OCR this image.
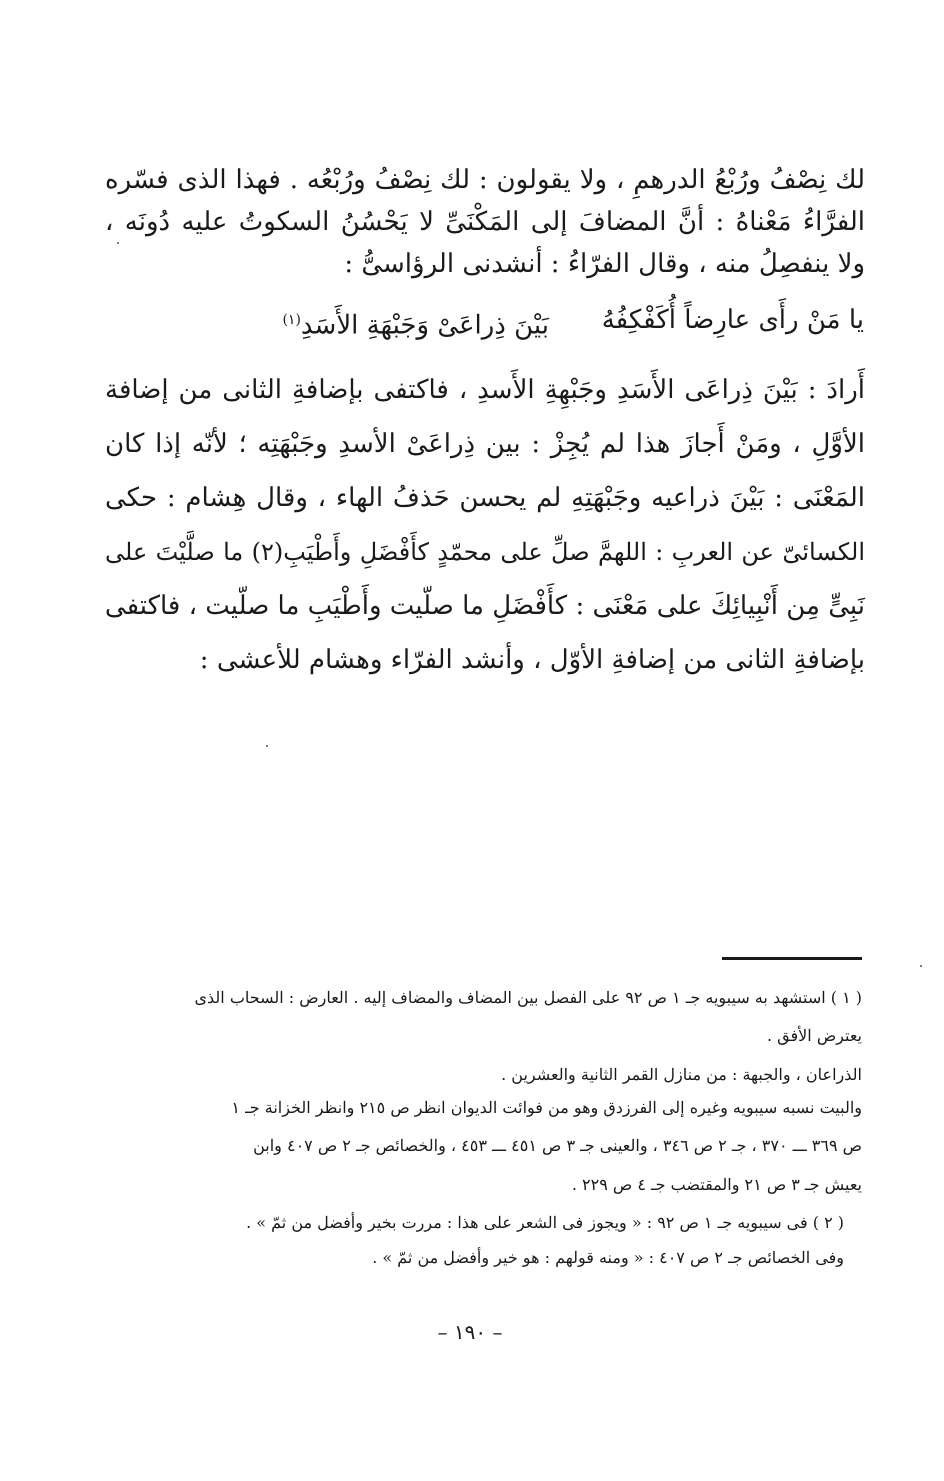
لك نِصْفُ ورُبْعُ الدرهمِ ، ولا يقولون : لك نِصْفُ ورُبْعُه . فهذا الذى فسّره
الفرَّاءُ مَعْناهُ : أنَّ المضافَ إلى المَكْنَىِّ لا يَحْسُنُ السكوتُ عليه دُونَه ،
ولا ينفصِلُ منه ، وقال الفرّاءُ : أنشدنى الرؤاسىُّ :
يا مَنْ رأَى عارِضاً أُكَفْكِفُهُ
بَيْنَ ذِراعَىْ وَجَبْهَةِ الأَسَدِ$^{(١)}$
أَرادَ : بَيْنَ ذِراعَى الأَسَدِ وجَبْهِةِ الأَسدِ ، فاكتفى بإضافةِ الثانى من إضافة
الأوَّلِ ، ومَنْ أَجازَ هذا لم يُجِزْ : بين ذِراعَىْ الأسدِ وجَبْهَتِه ؛ لأنّه إذا كان
المَعْنَى : بَيْنَ ذراعيه وجَبْهَتِهِ لم يحسن حَذفُ الهاء ، وقال هِشام : حكى
الكسائىّ عن العربِ : اللهمَّ صلِّ على محمّدٍ كأَفْضَلِ وأَطْيَبِ(٢) ما صلَّيْتَ على
نَبِىٍّ مِن أَنْبِيائِكَ على مَعْنَى : كأَفْضَلِ ما صلّيت وأَطْيَبِ ما صلّيت ، فاكتفى
بإضافةِ الثانى من إضافةِ الأوّل ، وأنشد الفرّاء وهشام للأعشى :
( ١ ) استشهد به سيبويه جـ ١ ص ٩٢ على الفصل بين المضاف والمضاف إليه . العارض : السحاب الذى
يعترض الأفق .
الذراعان ، والجبهة : من منازل القمر الثانية والعشرين .
والبيت نسبه سيبويه وغيره إلى الفرزدق وهو من فوائت الديوان انظر ص ٢١٥ وانظر الخزانة جـ ١
ص ٣٦٩ ـــ ٣٧٠ ، جـ ٢ ص ٣٤٦ ، والعينى جـ ٣ ص ٤٥١ ـــ ٤٥٣ ، والخصائص جـ ٢ ص ٤٠٧ وابن
يعيش جـ ٣ ص ٢١ والمقتضب جـ ٤ ص ٢٢٩ .
( ٢ ) فى سيبويه جـ ١ ص ٩٢ : « ويجوز فى الشعر على هذا : مررت بخير وأفضل من ثمّ » .
وفى الخصائص جـ ٢ ص ٤٠٧ : « ومنه قولهم : هو خير وأفضل من ثمّ » .
– ١٩٠ –
